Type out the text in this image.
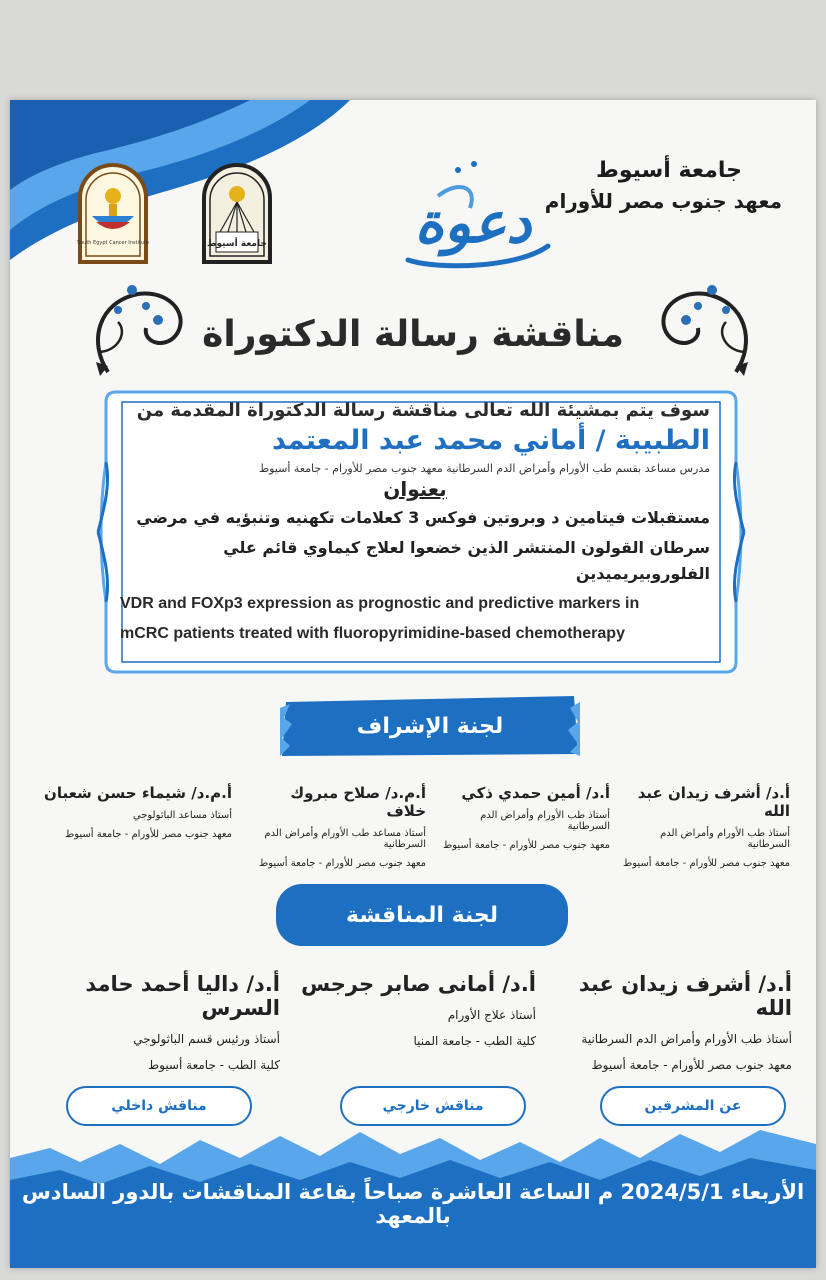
جامعة أسيوط
معهد جنوب مصر للأورام
جامعة أسيوط
South Egypt Cancer Institute	دعوة
مناقشة رسالة الدكتوراة
سوف يتم بمشيئة الله تعالى مناقشة رسالة الدكتوراة المقدمة من
الطبيبة / أماني محمد عبد المعتمد
مدرس مساعد بقسم طب الأورام وأمراض الدم السرطانية معهد جنوب مصر للأورام - جامعة أسيوط
بعنوان
مستقبلات فيتامين د وبروتين فوكس 3 كعلامات تكهنيه وتنبؤيه في مرضي
سرطان القولون المنتشر الذين خضعوا لعلاج كيماوي قائم علي الفلوروبيريميدين
VDR and FOXp3 expression as prognostic and predictive markers in
mCRC patients treated with fluoropyrimidine-based chemotherapy
لجنة الإشراف
أ.د/ أشرف زيدان عبد الله
أستاذ طب الأورام وأمراض الدم السرطانية
معهد جنوب مصر للأورام - جامعة أسيوط
أ.د/ أمين حمدي ذكي
أستاذ طب الأورام وأمراض الدم السرطانية
معهد جنوب مصر للأورام - جامعة أسيوط
أ.م.د/ صلاح مبروك خلاف
أستاذ مساعد طب الأورام وأمراض الدم السرطانية
معهد جنوب مصر للأورام - جامعة أسيوط
أ.م.د/ شيماء حسن شعبان
أستاذ مساعد الباثولوجي
معهد جنوب مصر للأورام - جامعة أسيوط
لجنة المناقشة
أ.د/ أشرف زيدان عبد الله
أستاذ طب الأورام وأمراض الدم السرطانية
معهد جنوب مصر للأورام - جامعة أسيوط
أ.د/ أمانى صابر جرجس
أستاذ علاج الأورام
كلية الطب - جامعة المنيا
أ.د/ داليا أحمد حامد السرس
أستاذ ورئيس قسم الباثولوجي
كلية الطب - جامعة أسيوط
عن المشرفين
مناقش خارجي
مناقش داخلي
الأربعاء 2024/5/1 م الساعة العاشرة صباحاً بقاعة المناقشات بالدور السادس بالمعهد
